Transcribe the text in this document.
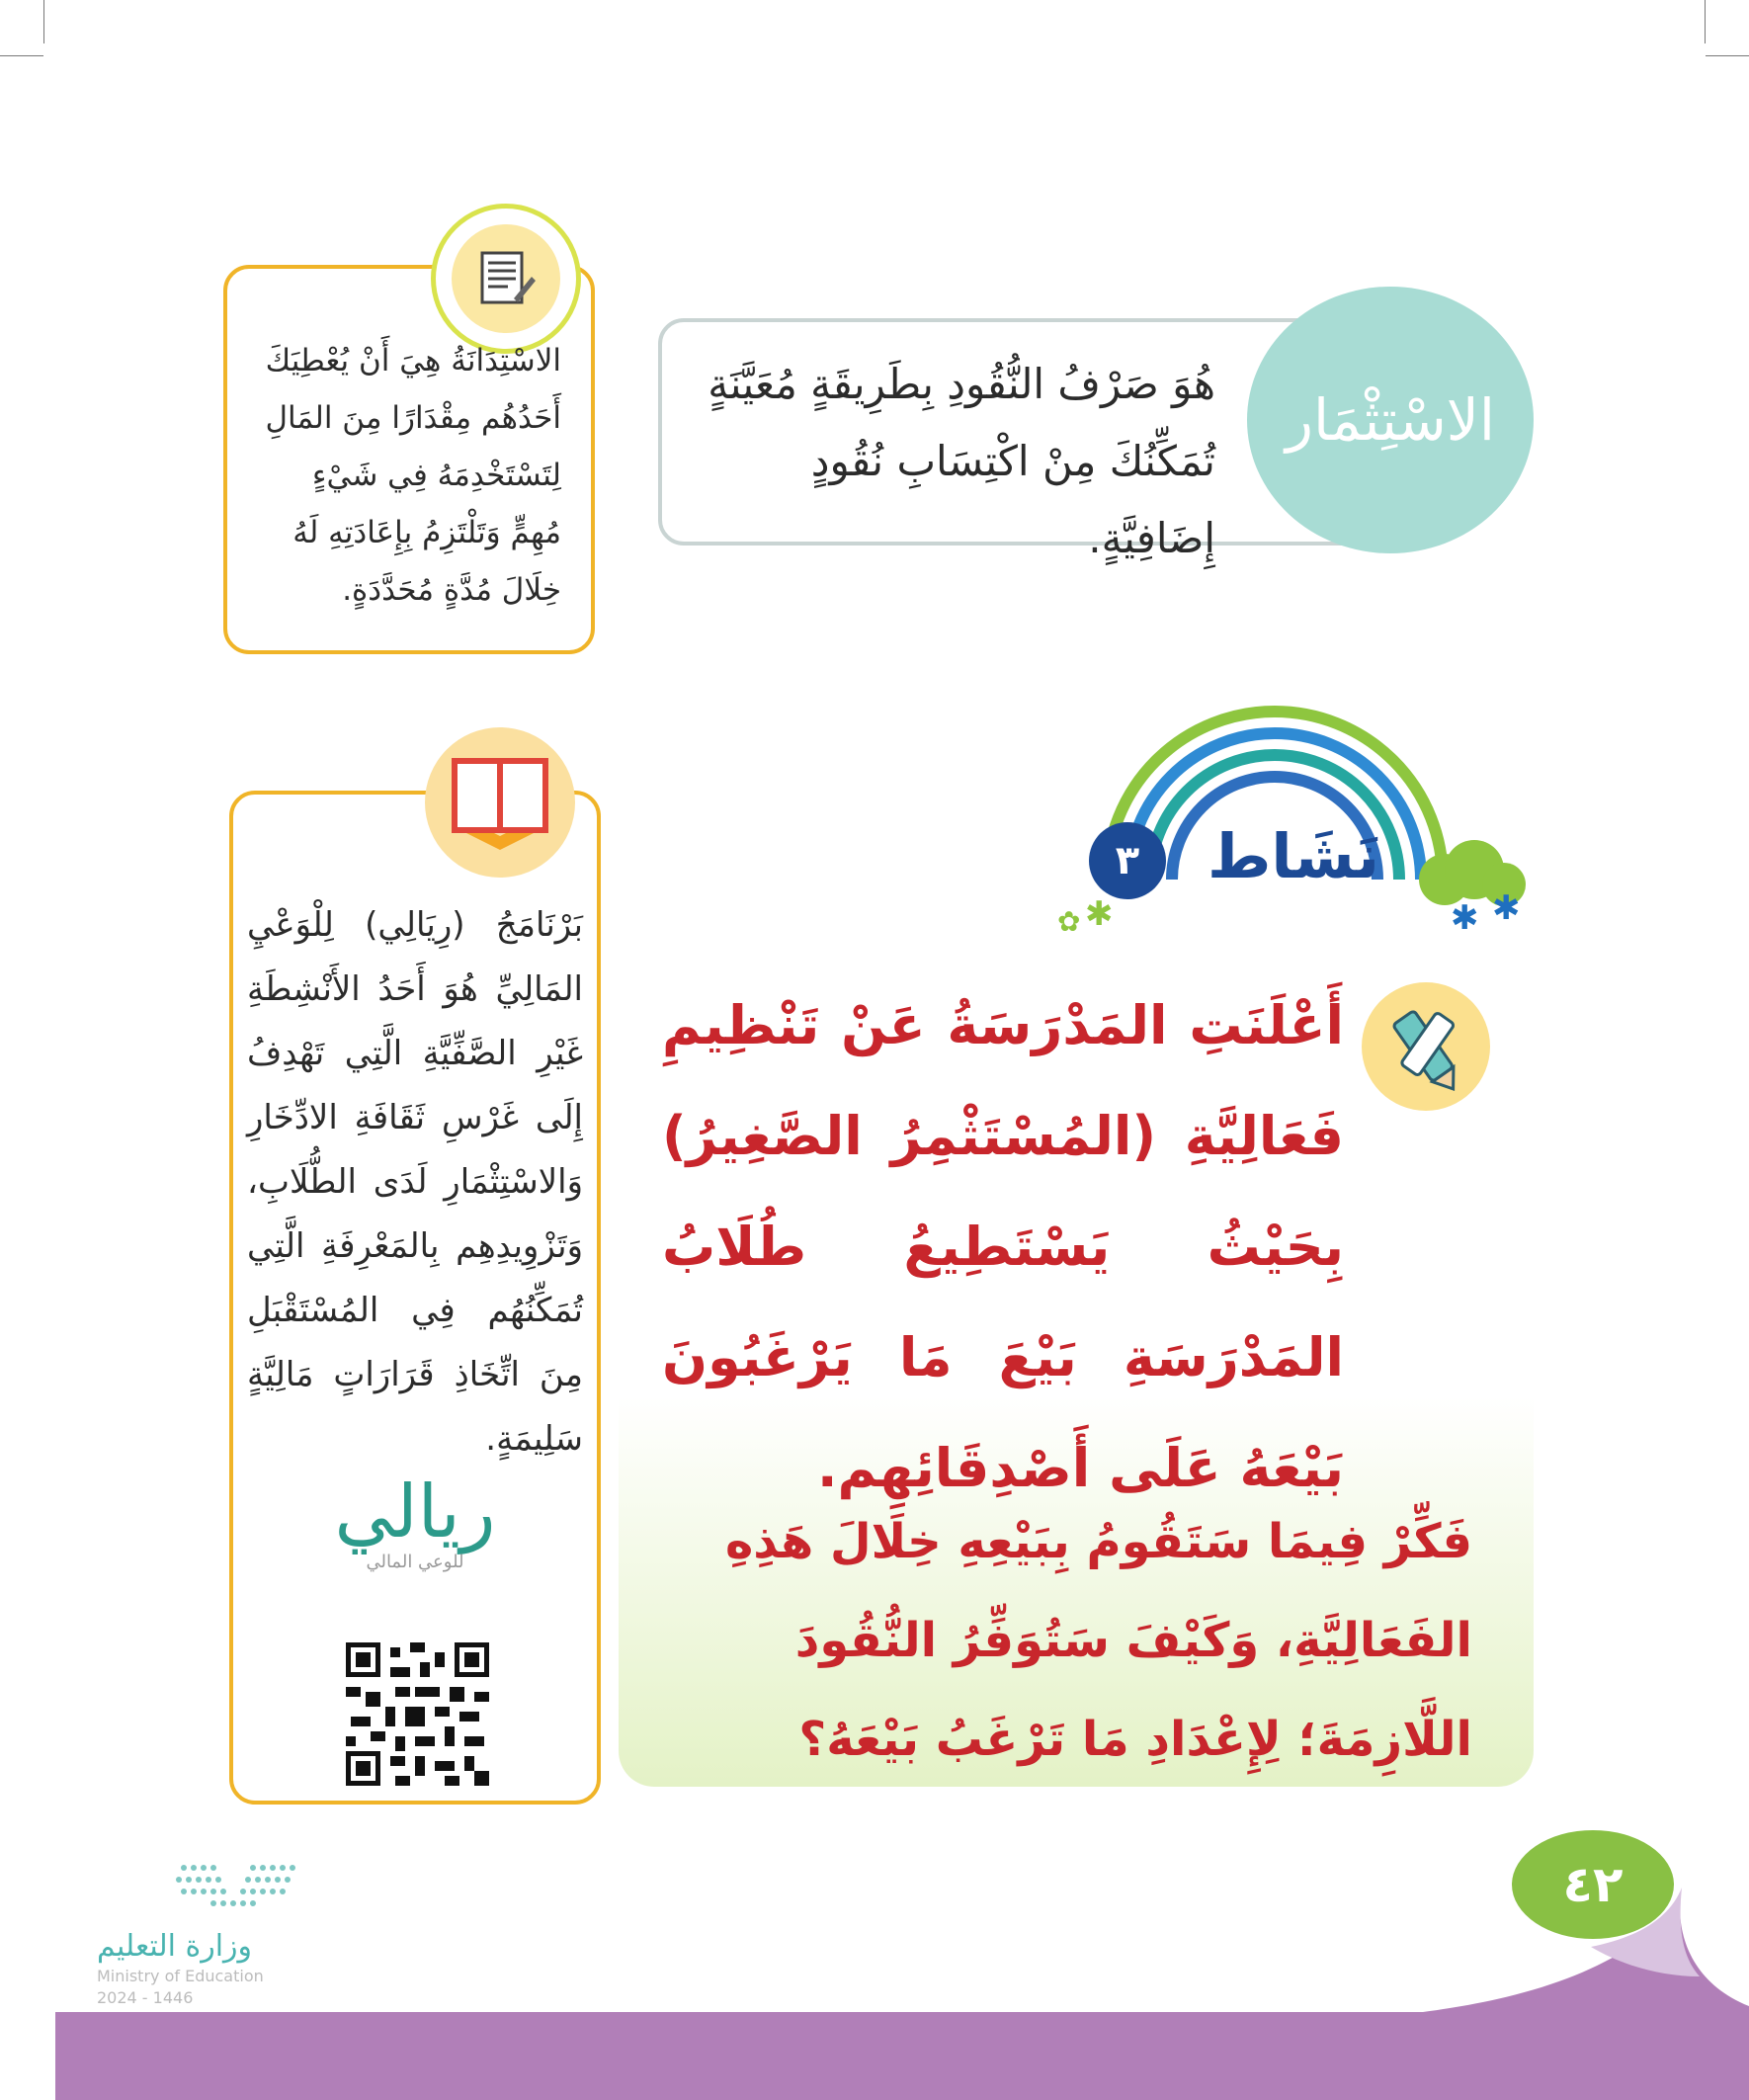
هُوَ صَرْفُ النُّقُودِ بِطَرِيقَةٍ مُعَيَّنَةٍ تُمَكِّنُكَ مِنْ اكْتِسَابِ نُقُودٍ إِضَافِيَّةٍ.
الاسْتِثْمَار
الاسْتِدَانَةُ هِيَ أَنْ يُعْطِيَكَ أَحَدُهُم مِقْدَارًا مِنَ المَالِ لِتَسْتَخْدِمَهُ فِي شَيْءٍ مُهِمٍّ وَتَلْتَزِمُ بِإِعَادَتِهِ لَهُ خِلَالَ مُدَّةٍ مُحَدَّدَةٍ.
بَرْنَامَجُ (رِيَالِي) لِلْوَعْيِ المَالِيِّ هُوَ أَحَدُ الأَنْشِطَةِ غَيْرِ الصَّفِّيَّةِ الَّتِي تَهْدِفُ إِلَى غَرْسِ ثَقَافَةِ الادِّخَارِ وَالاسْتِثْمَارِ لَدَى الطُّلَابِ، وَتَزْوِيدِهِم بِالمَعْرِفَةِ الَّتِي تُمَكِّنُهُم فِي المُسْتَقْبَلِ مِنَ اتِّخَاذِ قَرَارَاتٍ مَالِيَّةٍ سَلِيمَةٍ.
ريالي
للوعي المالي
✱ ✱
✿ ✱
نَشَاط
٣
أَعْلَنَتِ المَدْرَسَةُ عَنْ تَنْظِيمِ فَعَالِيَّةِ (المُسْتَثْمِرُ الصَّغِيرُ) بِحَيْثُ يَسْتَطِيعُ طُلَابُ المَدْرَسَةِ بَيْعَ مَا يَرْغَبُونَ بَيْعَهُ عَلَى أَصْدِقَائِهِم.
فَكِّرْ فِيمَا سَتَقُومُ بِبَيْعِهِ خِلَالَ هَذِهِ الفَعَالِيَّةِ، وَكَيْفَ سَتُوَفِّرُ النُّقُودَ اللَّازِمَةَ؛ لِإِعْدَادِ مَا تَرْغَبُ بَيْعَهُ؟
وزارة التعليم
Ministry of Education
2024 - 1446
٤٢
